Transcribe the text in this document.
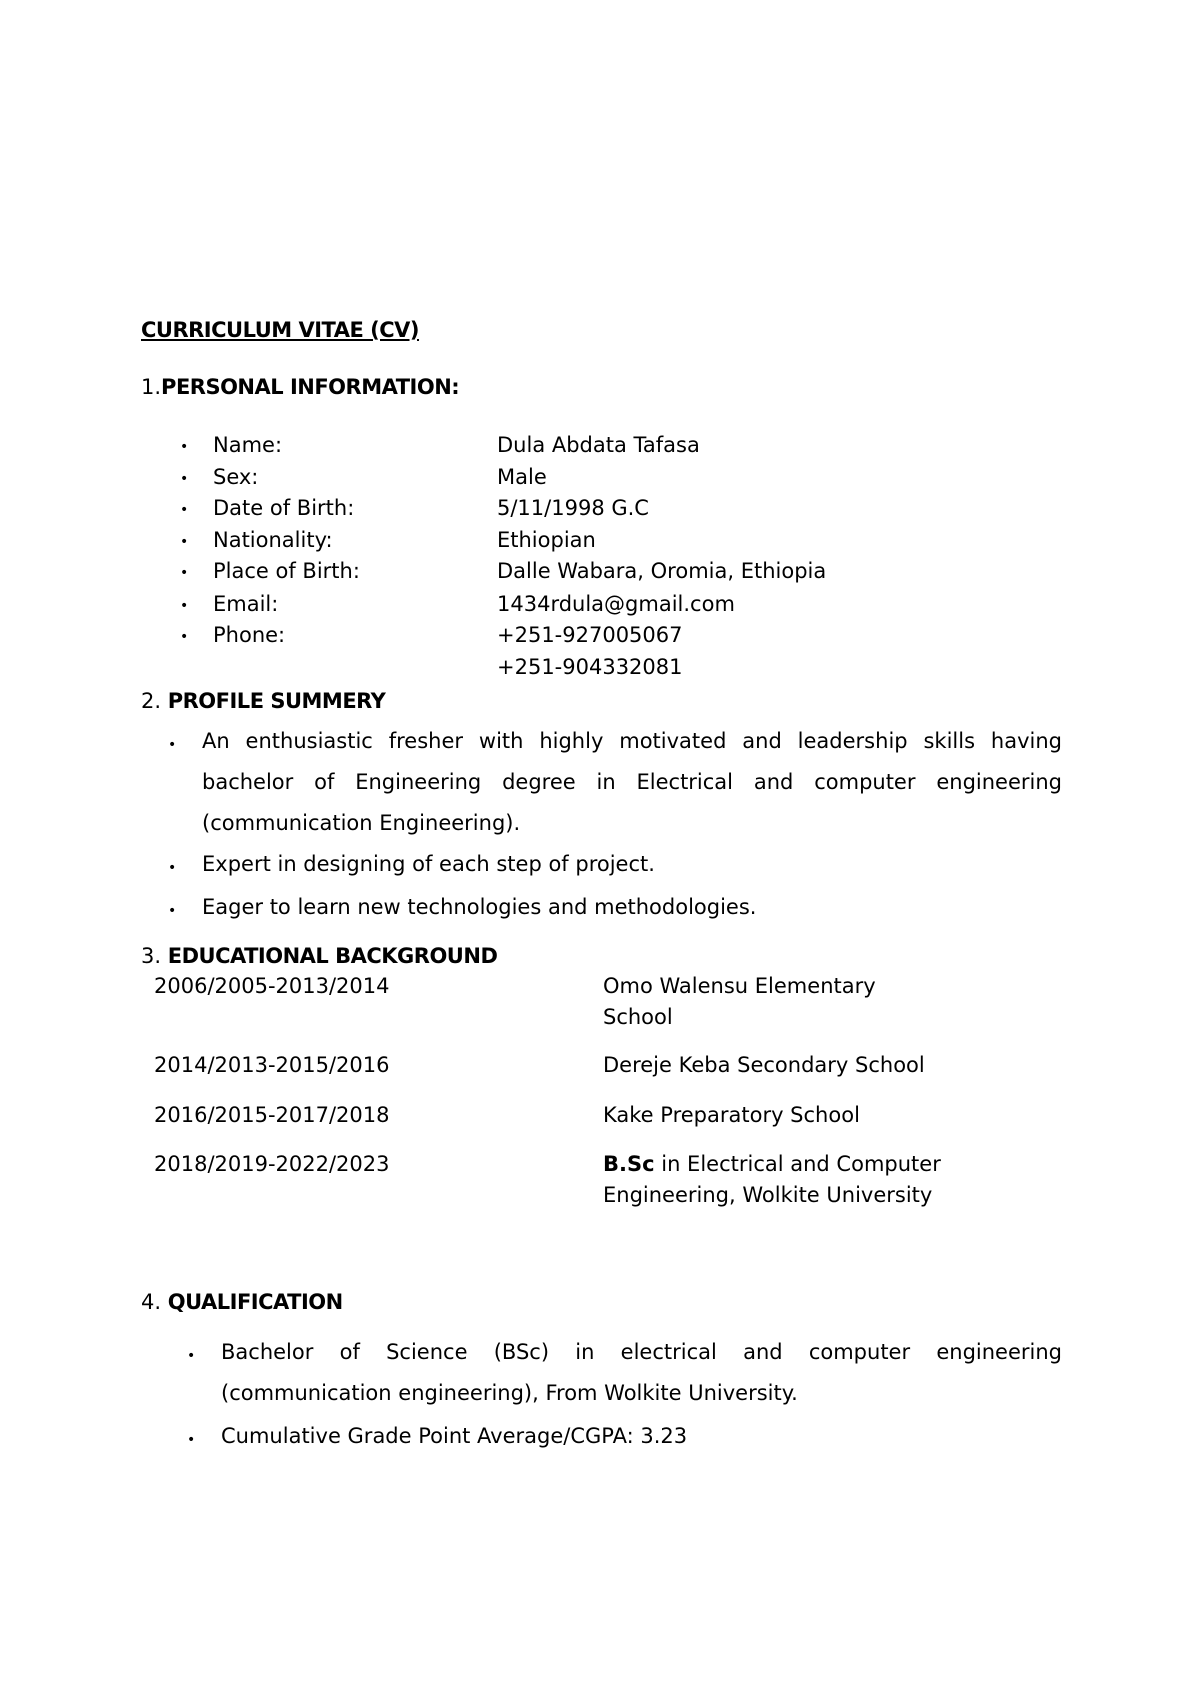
CURRICULUM VITAE (CV)
1.PERSONAL INFORMATION:
• Name:	Dula Abdata Tafasa
• Sex:	Male
• Date of Birth:	5/11/1998 G.C
• Nationality:	Ethiopian
• Place of Birth:	Dalle Wabara, Oromia, Ethiopia
• Email:	1434rdula@gmail.com
• Phone:	+251-927005067
+251-904332081
2. PROFILE SUMMERY
• An enthusiastic fresher with highly motivated and leadership skills having
bachelor of Engineering degree in Electrical and computer engineering
(communication Engineering).
• Expert in designing of each step of project.
• Eager to learn new technologies and methodologies.
3. EDUCATIONAL BACKGROUND
2006/2005-2013/2014	Omo Walensu Elementary School
2014/2013-2015/2016	Dereje Keba Secondary School
2016/2015-2017/2018	Kake Preparatory School
2018/2019-2022/2023	B.Sc in Electrical and Computer Engineering, Wolkite University
4. QUALIFICATION
• Bachelor of Science (BSc) in electrical and computer engineering
(communication engineering), From Wolkite University.
• Cumulative Grade Point Average/CGPA: 3.23
